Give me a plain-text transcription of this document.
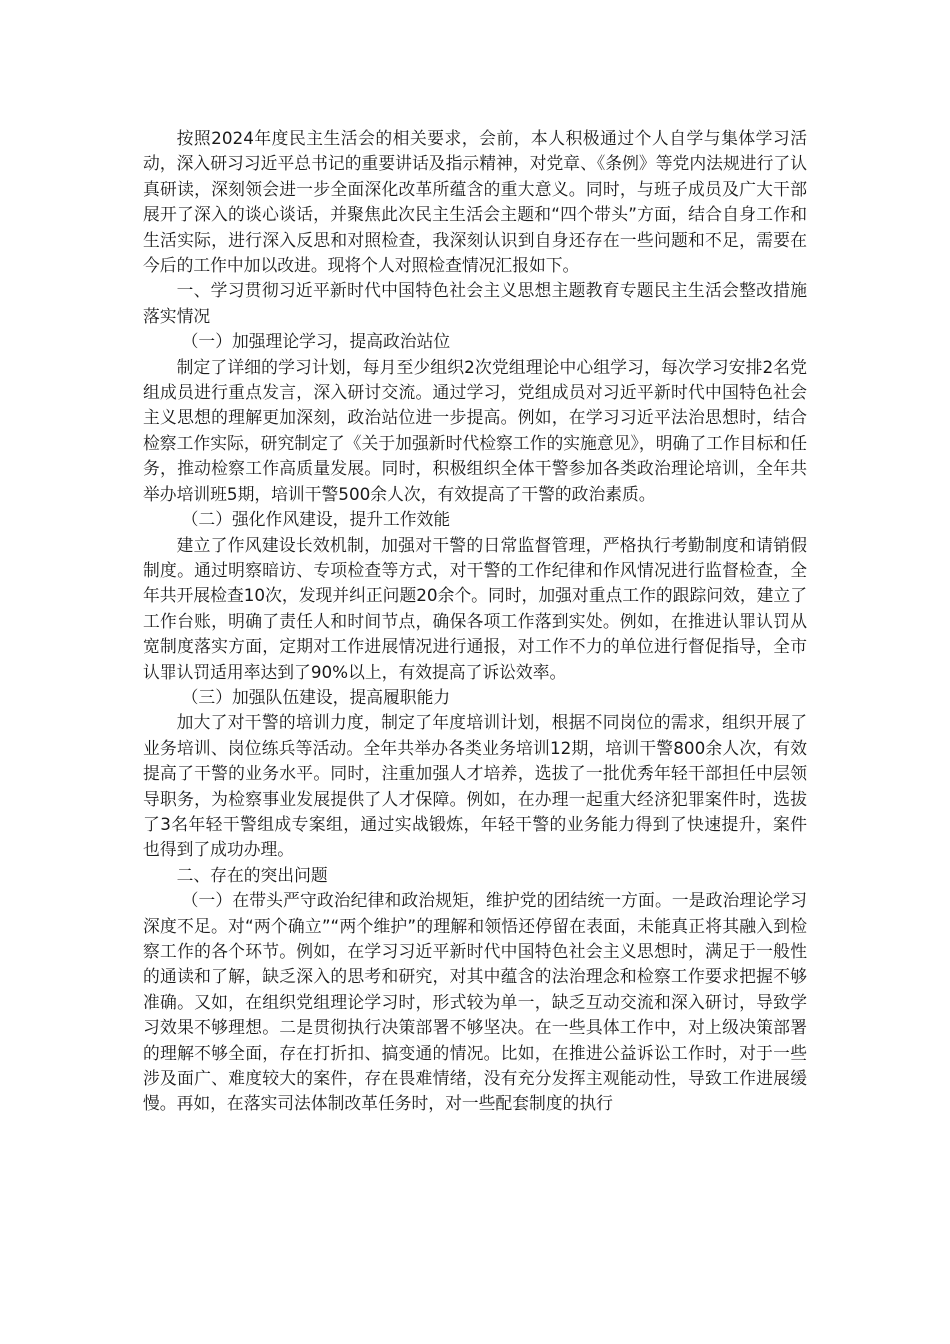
按照2024年度民主生活会的相关要求，会前，本人积极通过个人自学与集体学习活动，深入研习习近平总书记的重要讲话及指示精神，对党章、《条例》等党内法规进行了认真研读，深刻领会进一步全面深化改革所蕴含的重大意义。同时，与班子成员及广大干部展开了深入的谈心谈话，并聚焦此次民主生活会主题和“四个带头”方面，结合自身工作和生活实际，进行深入反思和对照检查，我深刻认识到自身还存在一些问题和不足，需要在今后的工作中加以改进。现将个人对照检查情况汇报如下。

一、学习贯彻习近平新时代中国特色社会主义思想主题教育专题民主生活会整改措施落实情况

（一）加强理论学习，提高政治站位

制定了详细的学习计划，每月至少组织2次党组理论中心组学习，每次学习安排2名党组成员进行重点发言，深入研讨交流。通过学习，党组成员对习近平新时代中国特色社会主义思想的理解更加深刻，政治站位进一步提高。例如，在学习习近平法治思想时，结合检察工作实际，研究制定了《关于加强新时代检察工作的实施意见》，明确了工作目标和任务，推动检察工作高质量发展。同时，积极组织全体干警参加各类政治理论培训，全年共举办培训班5期，培训干警500余人次，有效提高了干警的政治素质。

（二）强化作风建设，提升工作效能

建立了作风建设长效机制，加强对干警的日常监督管理，严格执行考勤制度和请销假制度。通过明察暗访、专项检查等方式，对干警的工作纪律和作风情况进行监督检查，全年共开展检查10次，发现并纠正问题20余个。同时，加强对重点工作的跟踪问效，建立了工作台账，明确了责任人和时间节点，确保各项工作落到实处。例如，在推进认罪认罚从宽制度落实方面，定期对工作进展情况进行通报，对工作不力的单位进行督促指导，全市认罪认罚适用率达到了90%以上，有效提高了诉讼效率。

（三）加强队伍建设，提高履职能力

加大了对干警的培训力度，制定了年度培训计划，根据不同岗位的需求，组织开展了业务培训、岗位练兵等活动。全年共举办各类业务培训12期，培训干警800余人次，有效提高了干警的业务水平。同时，注重加强人才培养，选拔了一批优秀年轻干部担任中层领导职务，为检察事业发展提供了人才保障。例如，在办理一起重大经济犯罪案件时，选拔了3名年轻干警组成专案组，通过实战锻炼，年轻干警的业务能力得到了快速提升，案件也得到了成功办理。

二、存在的突出问题

（一）在带头严守政治纪律和政治规矩，维护党的团结统一方面。一是政治理论学习深度不足。对“两个确立”“两个维护”的理解和领悟还停留在表面，未能真正将其融入到检察工作的各个环节。例如，在学习习近平新时代中国特色社会主义思想时，满足于一般性的通读和了解，缺乏深入的思考和研究，对其中蕴含的法治理念和检察工作要求把握不够准确。又如，在组织党组理论学习时，形式较为单一，缺乏互动交流和深入研讨，导致学习效果不够理想。二是贯彻执行决策部署不够坚决。在一些具体工作中，对上级决策部署的理解不够全面，存在打折扣、搞变通的情况。比如，在推进公益诉讼工作时，对于一些涉及面广、难度较大的案件，存在畏难情绪，没有充分发挥主观能动性，导致工作进展缓慢。再如，在落实司法体制改革任务时，对一些配套制度的执行
